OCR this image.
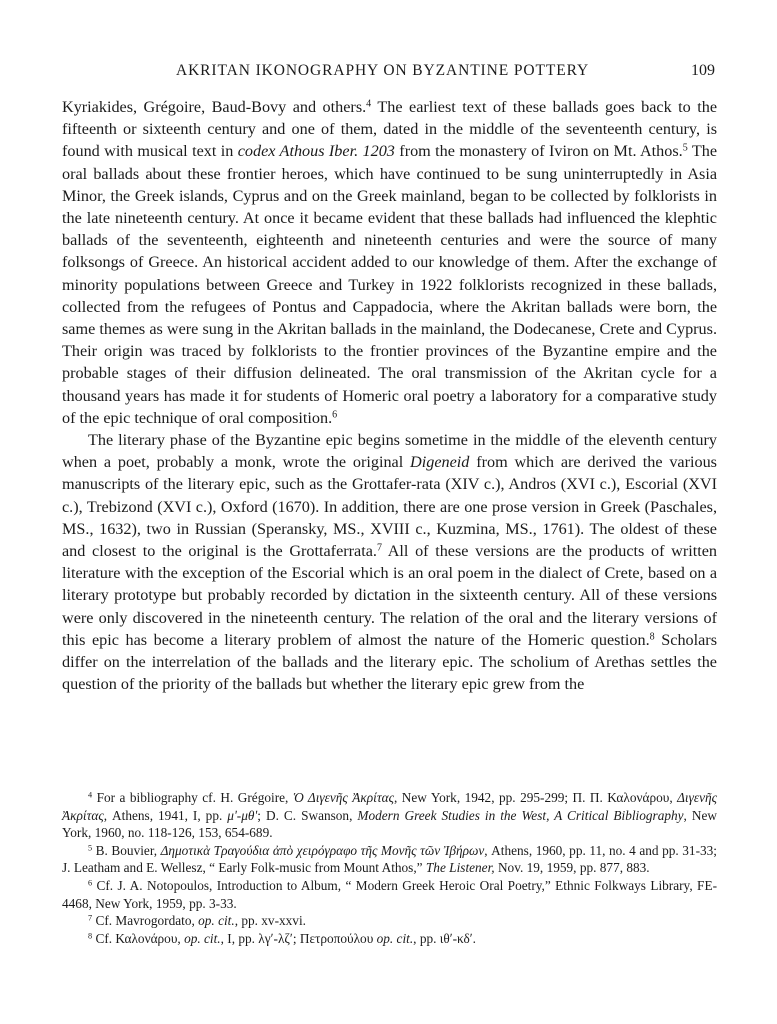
AKRITAN IKONOGRAPHY ON BYZANTINE POTTERY	109

Kyriakides, Grégoire, Baud-Bovy and others.$^4$ The earliest text of these ballads goes back to the fifteenth or sixteenth century and one of them, dated in the middle of the seventeenth century, is found with musical text in codex Athous Iber. 1203 from the monastery of Iviron on Mt. Athos.$^5$ The oral ballads about these frontier heroes, which have continued to be sung uninterruptedly in Asia Minor, the Greek islands, Cyprus and on the Greek mainland, began to be collected by folklorists in the late nineteenth century. At once it became evident that these ballads had influenced the klephtic ballads of the seventeenth, eighteenth and nineteenth centuries and were the source of many folksongs of Greece. An historical accident added to our knowledge of them. After the exchange of minority populations between Greece and Turkey in 1922 folklorists recognized in these ballads, collected from the refugees of Pontus and Cappadocia, where the Akritan ballads were born, the same themes as were sung in the Akritan ballads in the mainland, the Dodecanese, Crete and Cyprus. Their origin was traced by folklorists to the frontier provinces of the Byzantine empire and the probable stages of their diffusion delineated. The oral transmission of the Akritan cycle for a thousand years has made it for students of Homeric oral poetry a laboratory for a comparative study of the epic technique of oral composition.$^6$

The literary phase of the Byzantine epic begins sometime in the middle of the eleventh century when a poet, probably a monk, wrote the original Digeneid from which are derived the various manuscripts of the literary epic, such as the Grottafer-rata (XIV c.), Andros (XVI c.), Escorial (XVI c.), Trebizond (XVI c.), Oxford (1670). In addition, there are one prose version in Greek (Paschales, MS., 1632), two in Russian (Speransky, MS., XVIII c., Kuzmina, MS., 1761). The oldest of these and closest to the original is the Grottaferrata.$^7$ All of these versions are the products of written literature with the exception of the Escorial which is an oral poem in the dialect of Crete, based on a literary prototype but probably recorded by dictation in the sixteenth century. All of these versions were only discovered in the nineteenth century. The relation of the oral and the literary versions of this epic has become a literary problem of almost the nature of the Homeric question.$^8$ Scholars differ on the interrelation of the ballads and the literary epic. The scholium of Arethas settles the question of the priority of the ballads but whether the literary epic grew from the

$^4$ For a bibliography cf. H. Grégoire, Ὁ Διγενῆς Ἀκρίτας, New York, 1942, pp. 295-299; Π. Π. Καλονάρου, Διγενῆς Ἀκρίτας, Athens, 1941, I, pp. μʹ-μθʹ; D. C. Swanson, Modern Greek Studies in the West, A Critical Bibliography, New York, 1960, no. 118-126, 153, 654-689.

$^5$ B. Bouvier, Δημοτικὰ Τραγούδια ἀπὸ χειρόγραφο τῆς Μονῆς τῶν Ἰβήρων, Athens, 1960, pp. 11, no. 4 and pp. 31-33; J. Leatham and E. Wellesz, “ Early Folk-music from Mount Athos,” The Listener, Nov. 19, 1959, pp. 877, 883.

$^6$ Cf. J. A. Notopoulos, Introduction to Album, “ Modern Greek Heroic Oral Poetry,” Ethnic Folkways Library, FE-4468, New York, 1959, pp. 3-33.

$^7$ Cf. Mavrogordato, op. cit., pp. xv-xxvi.

$^8$ Cf. Καλονάρου, op. cit., I, pp. λγʹ-λζʹ; Πετροπούλου op. cit., pp. ιθʹ-κδʹ.
